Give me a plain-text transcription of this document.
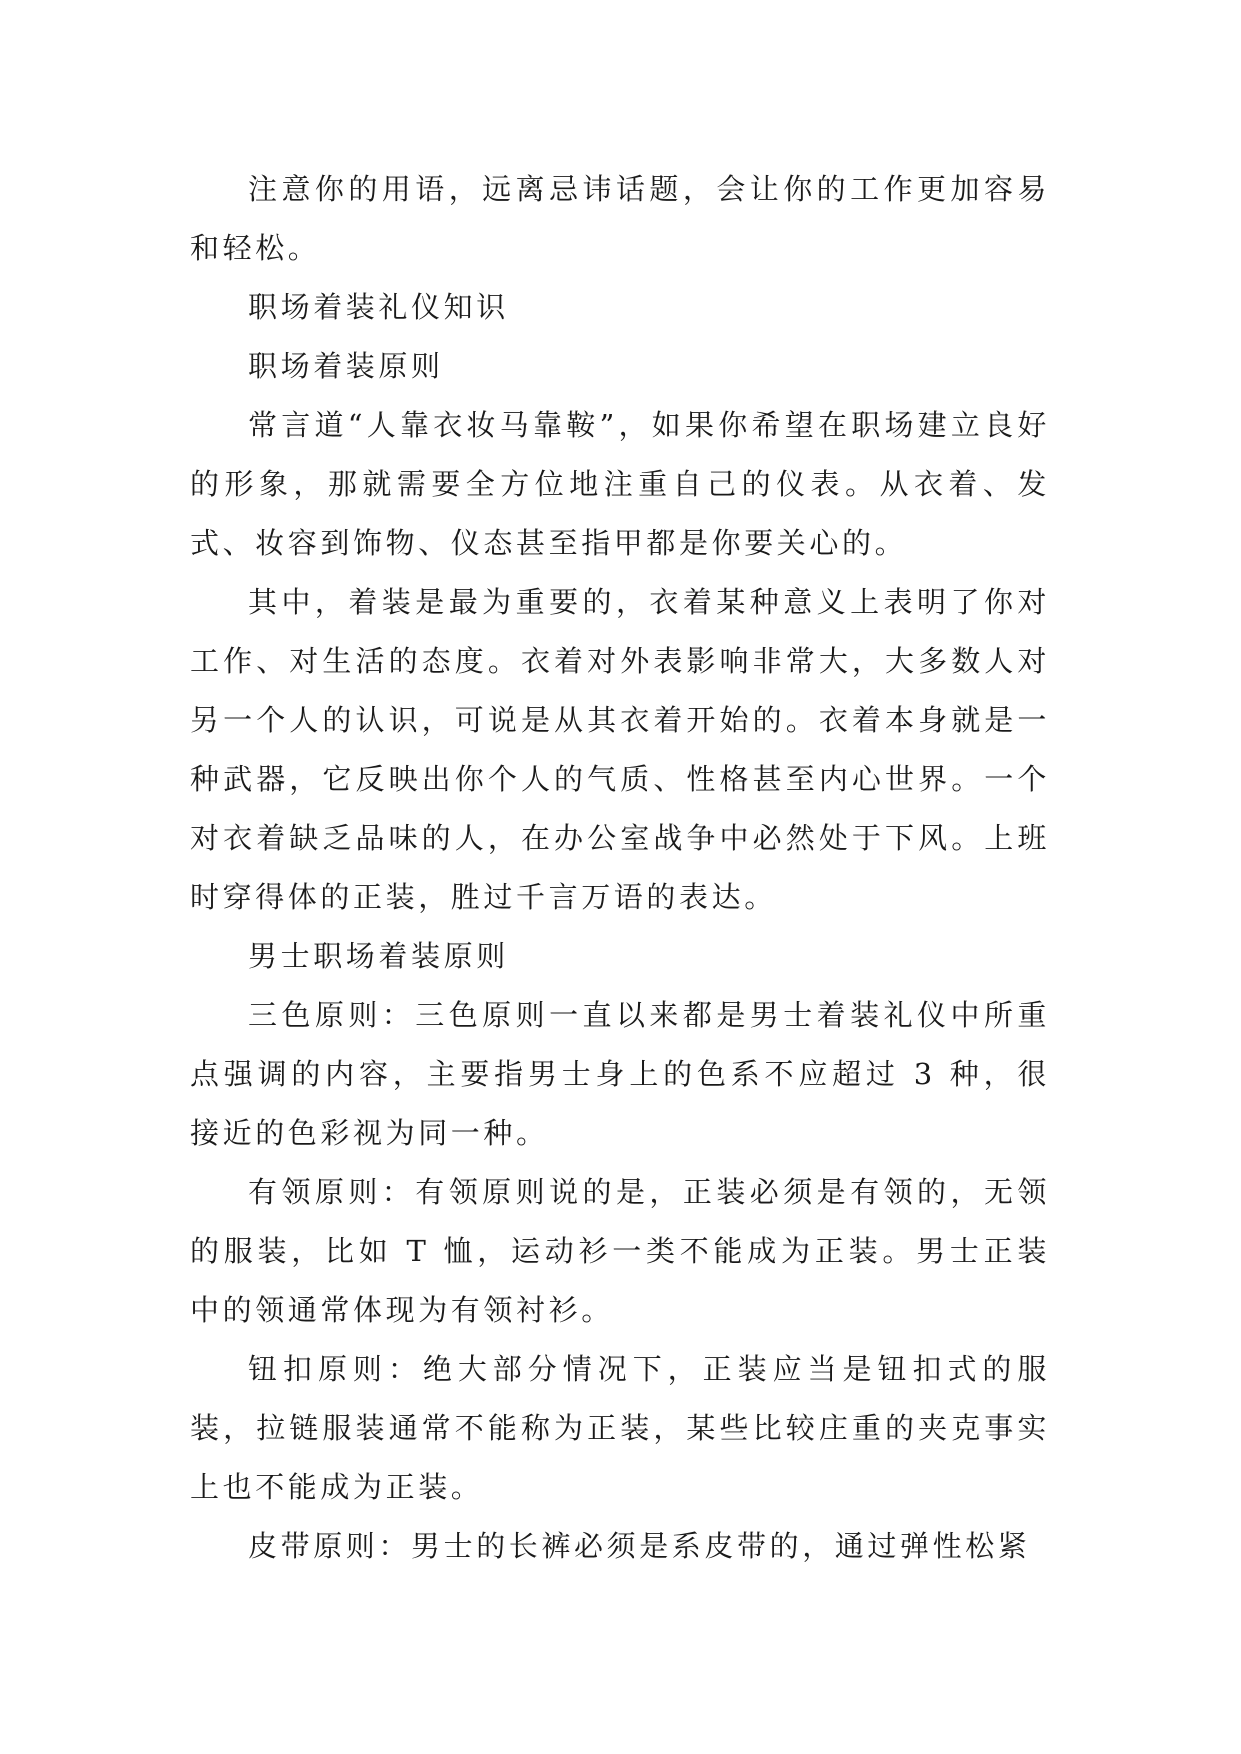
注意你的用语，远离忌讳话题，会让你的工作更加容易和轻松。

职场着装礼仪知识

职场着装原则

常言道“人靠衣妆马靠鞍”，如果你希望在职场建立良好的形象，那就需要全方位地注重自己的仪表。从衣着、发式、妆容到饰物、仪态甚至指甲都是你要关心的。

其中，着装是最为重要的，衣着某种意义上表明了你对工作、对生活的态度。衣着对外表影响非常大，大多数人对另一个人的认识，可说是从其衣着开始的。衣着本身就是一种武器，它反映出你个人的气质、性格甚至内心世界。一个对衣着缺乏品味的人，在办公室战争中必然处于下风。上班时穿得体的正装，胜过千言万语的表达。

男士职场着装原则

三色原则：三色原则一直以来都是男士着装礼仪中所重点强调的内容，主要指男士身上的色系不应超过 3 种，很接近的色彩视为同一种。

有领原则：有领原则说的是，正装必须是有领的，无领的服装，比如 T 恤，运动衫一类不能成为正装。男士正装中的领通常体现为有领衬衫。

钮扣原则：绝大部分情况下，正装应当是钮扣式的服装，拉链服装通常不能称为正装，某些比较庄重的夹克事实上也不能成为正装。

皮带原则：男士的长裤必须是系皮带的，通过弹性松紧
